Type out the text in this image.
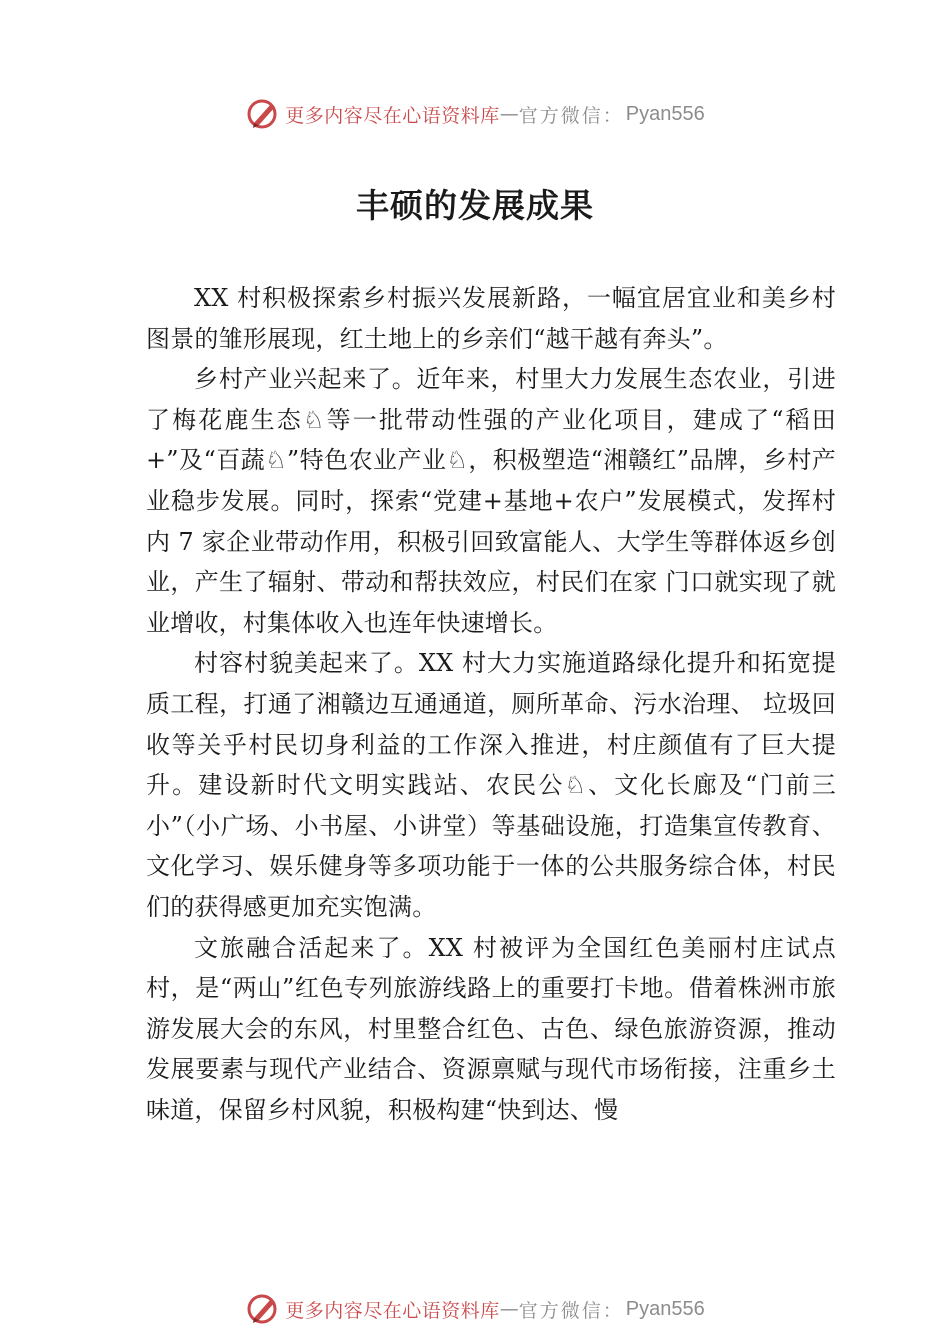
更多内容尽在心语资料库 — 官方微信： Pyan556
丰硕的发展成果

XX 村积极探索乡村振兴发展新路，一幅宜居宜业和美乡村图景的雏形展现，红土地上的乡亲们“越干越有奔头”。

乡村产业兴起来了。近年来，村里大力发展生态农业，引进了梅花鹿生态♘等一批带动性强的产业化项目，建成了“稻田+”及“百蔬♘”特色农业产业♘，积极塑造“湘赣红”品牌，乡村产业稳步发展。同时，探索“党建+基地+农户”发展模式，发挥村内 7 家企业带动作用，积极引回致富能人、大学生等群体返乡创业，产生了辐射、带动和帮扶效应，村民们在家 门口就实现了就业增收，村集体收入也连年快速增长。

村容村貌美起来了。XX 村大力实施道路绿化提升和拓宽提质工程，打通了湘赣边互通通道，厕所革命、污水治理、 垃圾回收等关乎村民切身利益的工作深入推进，村庄颜值有了巨大提升。建设新时代文明实践站、农民公♘、文化长廊及“门前三小”（小广场、小书屋、小讲堂）等基础设施，打造集宣传教育、文化学习、娱乐健身等多项功能于一体的公共服务综合体，村民们的获得感更加充实饱满。

文旅融合活起来了。XX 村被评为全国红色美丽村庄试点村，是“两山”红色专列旅游线路上的重要打卡地。借着株洲市旅游发展大会的东风，村里整合红色、古色、绿色旅游资源，推动发展要素与现代产业结合、资源禀赋与现代市场衔接，注重乡土味道，保留乡村风貌，积极构建“快到达、慢

更多内容尽在心语资料库 — 官方微信： Pyan556
